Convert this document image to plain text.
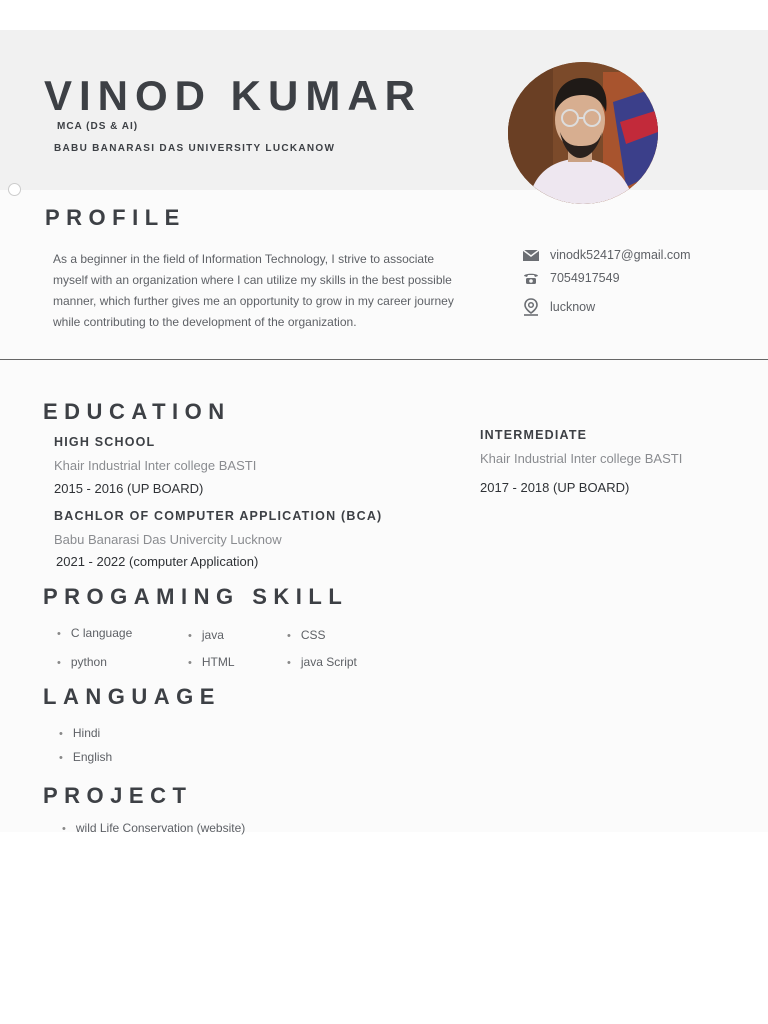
VINOD KUMAR
MCA (DS & AI)
BABU BANARASI DAS UNIVERSITY LUCKANOW
PROFILE
As a beginner in the field of Information Technology, I strive to associate
myself with an organization where I can utilize my skills in the best possible
manner, which further gives me an opportunity to grow in my career journey
while contributing to the development of the organization.
vinodk52417@gmail.com
7054917549
lucknow
EDUCATION
HIGH SCHOOL
Khair Industrial Inter college BASTI
2015 - 2016 (UP BOARD)
INTERMEDIATE
Khair Industrial Inter college BASTI
2017 - 2018 (UP BOARD)
BACHLOR OF COMPUTER APPLICATION (BCA)
Babu Banarasi Das Univercity Lucknow
2021 - 2022 (computer Application)
PROGAMING SKILL
• C language	• java	• CSS
• python	• HTML	• java Script
LANGUAGE
• Hindi
• English
PROJECT
• wild Life Conservation (website)
